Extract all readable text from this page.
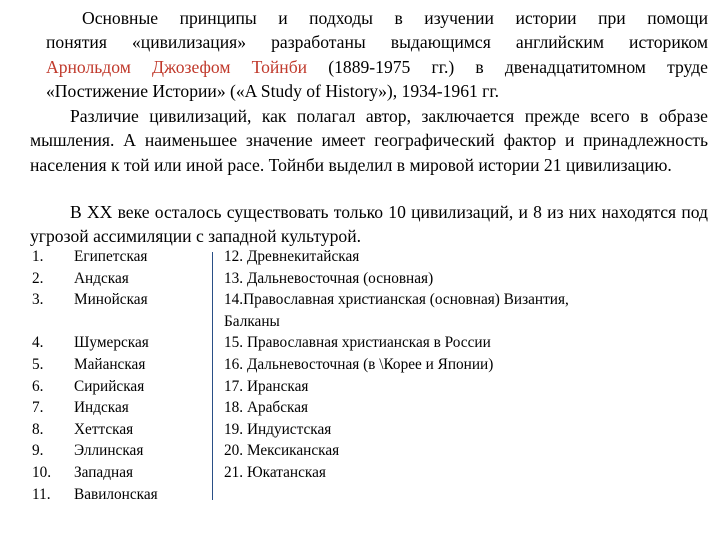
Основные принципы и подходы в изучении истории при помощи
понятия «цивилизация» разработаны выдающимся английским историком
Арнольдом Джозефом Тойнби (1889-1975 гг.) в двенадцатитомном труде
«Постижение Истории» («A Study of History»), 1934-1961 гг.

Различие цивилизаций, как полагал автор, заключается прежде всего в образе мышления. А наименьшее значение имеет географический фактор и принадлежность населения к той или иной расе. Тойнби выделил в мировой истории 21 цивилизацию.

В XX веке осталось существовать только 10 цивилизаций, и 8 из них находятся под угрозой ассимиляции с западной культурой.

1.	Египетская
2.	Андская
3.	Минойская
4.	Шумерская
5.	Майанская
6.	Сирийская
7.	Индская
8.	Хеттская
9.	Эллинская
10.	Западная
11.	Вавилонская
12. Древнекитайская
13. Дальневосточная (основная)
14.Православная христианская (основная) Византия,
Балканы
15. Православная христианская в России
16. Дальневосточная (в \Корее и Японии)
17. Иранская
18. Арабская
19. Индуистская
20. Мексиканская
21. Юкатанская
